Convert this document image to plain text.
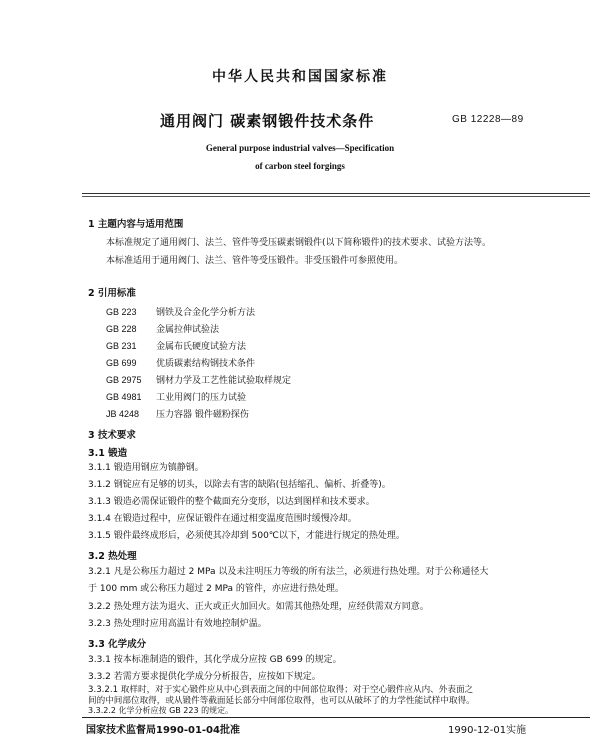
中华人民共和国国家标准
通用阀门 碳素钢锻件技术条件	GB 12228—89
General purpose industrial valves—Specification
of carbon steel forgings
1 主题内容与适用范围
本标准规定了通用阀门、法兰、管件等受压碳素钢锻件(以下简称锻件)的技术要求、试验方法等。
本标准适用于通用阀门、法兰、管件等受压锻件。非受压锻件可参照使用。
2 引用标准
GB 223 钢铁及合金化学分析方法
GB 228 金属拉伸试验法
GB 231 金属布氏硬度试验方法
GB 699 优质碳素结构钢技术条件
GB 2975 钢材力学及工艺性能试验取样规定
GB 4981 工业用阀门的压力试验
JB 4248 压力容器 锻件磁粉探伤
3 技术要求
3.1 锻造
3.1.1 锻造用钢应为镇静钢。
3.1.2 钢锭应有足够的切头，以除去有害的缺陷(包括缩孔、偏析、折叠等)。
3.1.3 锻造必需保证锻件的整个截面充分变形，以达到图样和技术要求。
3.1.4 在锻造过程中，应保证锻件在通过相变温度范围时缓慢冷却。
3.1.5 锻件最终成形后，必须使其冷却到 500℃以下，才能进行规定的热处理。
3.2 热处理
3.2.1 凡是公称压力超过 2 MPa 以及未注明压力等级的所有法兰，必须进行热处理。对于公称通径大
于 100 mm 或公称压力超过 2 MPa 的管件，亦应进行热处理。
3.2.2 热处理方法为退火、正火或正火加回火。如需其他热处理，应经供需双方同意。
3.2.3 热处理时应用高温计有效地控制炉温。
3.3 化学成分
3.3.1 按本标准制造的锻件，其化学成分应按 GB 699 的规定。
3.3.2 若需方要求提供化学成分分析报告，应按如下规定。
3.3.2.1 取样时，对于实心锻件应从中心到表面之间的中间部位取得；对于空心锻件应从内、外表面之
间的中间部位取得，或从锻件等截面延长部分中间部位取得，也可以从破坏了的力学性能试样中取得。
3.3.2.2 化学分析应按 GB 223 的规定。
国家技术监督局1990-01-04批准	1990-12-01实施
